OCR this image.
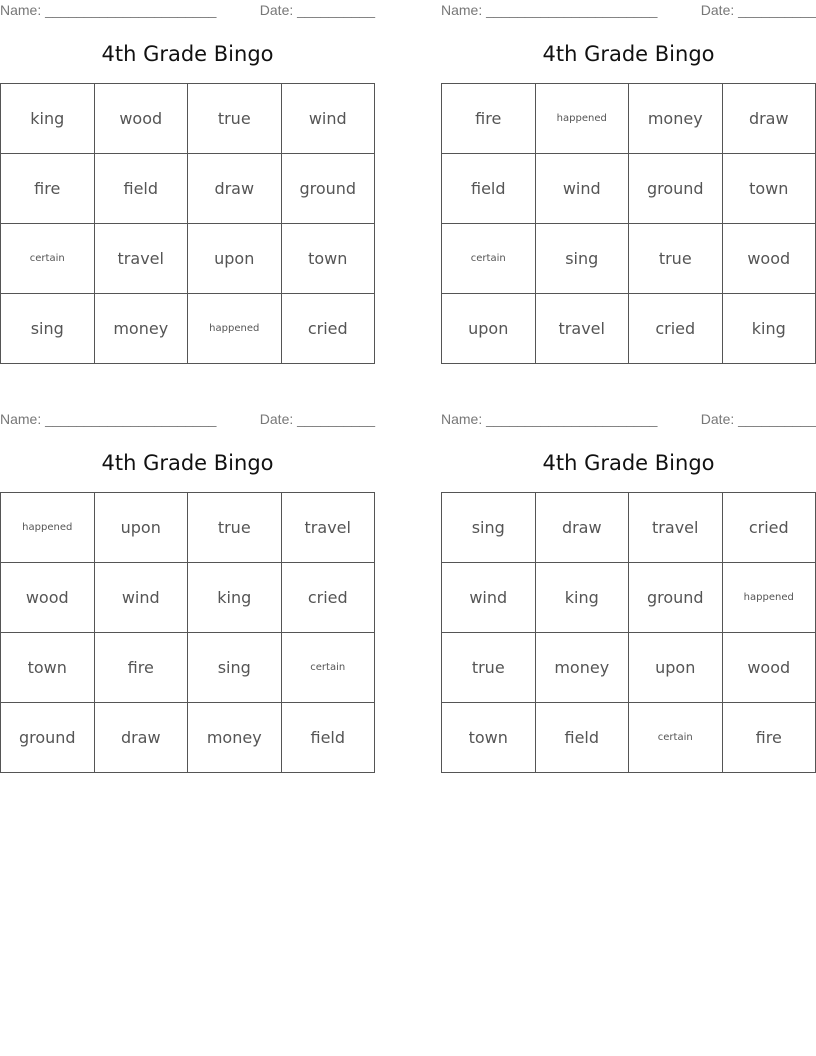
Name: ______________________	Date: __________
4th Grade Bingo
king	wood	true	wind
fire	field	draw	ground
certain	travel	upon	town
sing	money	happened	cried
Name: ______________________	Date: __________
4th Grade Bingo
fire	happened	money	draw
field	wind	ground	town
certain	sing	true	wood
upon	travel	cried	king
Name: ______________________	Date: __________
4th Grade Bingo
happened	upon	true	travel
wood	wind	king	cried
town	fire	sing	certain
ground	draw	money	field
Name: ______________________	Date: __________
4th Grade Bingo
sing	draw	travel	cried
wind	king	ground	happened
true	money	upon	wood
town	field	certain	fire
